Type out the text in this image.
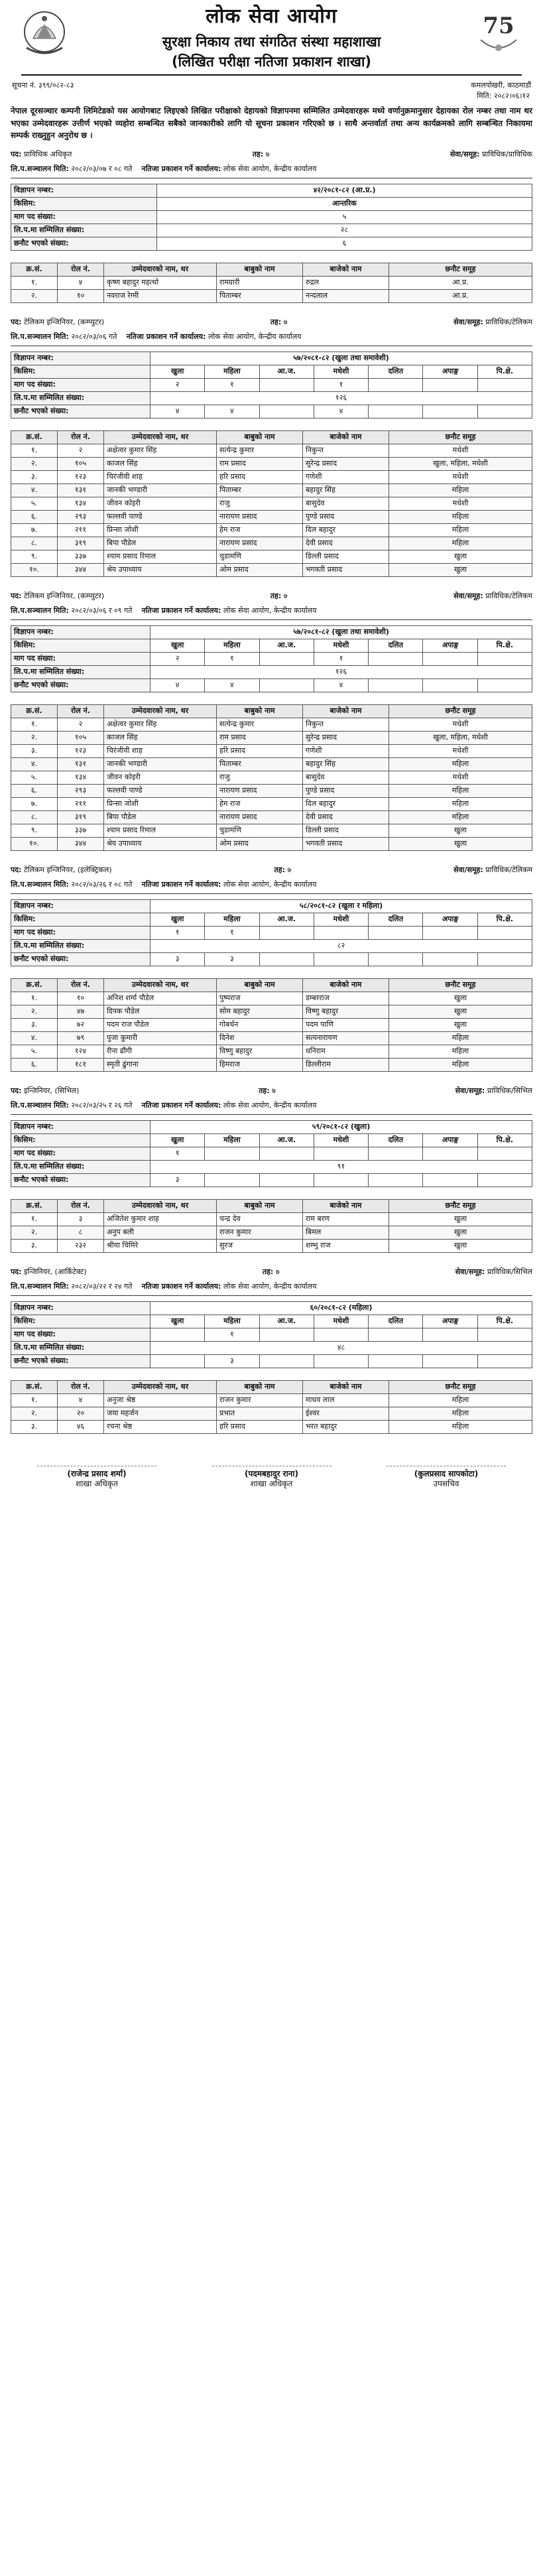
लोक सेवा आयोग
सुरक्षा निकाय तथा संगठित संस्था महाशाखा
(लिखित परीक्षा नतिजा प्रकाशन शाखा)
75
सूचना नं. ३९९/०८२-८३	कमलपोखरी, काठमाडौं
मिति: २०८२।०६।१२

नेपाल दूरसञ्चार कम्पनी लिमिटेडको यस आयोगबाट लिइएको लिखित परीक्षाको देहायको विज्ञापनमा सम्मिलित उम्मेदवारहरू मध्ये वर्णानुक्रमानुसार देहायका रोल नम्बर तथा नाम थर भएका उम्मेदवारहरू उत्तीर्ण भएको व्यहोरा सम्बन्धित सबैको जानकारीको लागि यो सूचना प्रकाशन गरिएको छ । साथै अन्तर्वार्ता तथा अन्य कार्यक्रमको लागि सम्बन्धित निकायमा सम्पर्क राख्नुहुन अनुरोध छ ।

पद: प्राविधिक अधिकृत	तह: ७	सेवा/समूह: प्राविधिक/प्राविधिक
लि.प.सञ्चालन मिति: २०८२/०३/०७ र ०८ गते नतिजा प्रकाशन गर्ने कार्यालय: लोक सेवा आयोग, केन्द्रीय कार्यालय
विज्ञापन नम्बर:	४२/२०८१-८२ (आ.प्र.)
किसिम:	आन्तरिक
माग पद संख्या:	५
लि.प.मा सम्मिलित संख्या:	२८
छनौट भएको संख्या:	६
क्र.सं.	रोल नं.	उम्मेदवारको नाम, थर	बाबुको नाम	बाजेको नाम	छनौट समूह
१.	४	कृष्ण बहादुर महत्थो	रामग्रारी	रुद्रल	आ.प्र.
२.	१०	नवराज रेग्मी	पिताम्बर	नन्दलाल	आ.प्र.
पद: टेलिकम इन्जिनियर, (कम्प्युटर)	तह: ७	सेवा/समूह: प्राविधिक/टेलिकम
लि.प.सञ्चालन मिति: २०८२/०३/०६ गते नतिजा प्रकाशन गर्ने कार्यालय: लोक सेवा आयोग, केन्द्रीय कार्यालय
विज्ञापन नम्बर:	५७/२०८१-८२ (खुला तथा समावेशी)						
किसिम:	खुला	महिला	आ.ज.	मधेशी	दलित	अपाङ्ग	पि.क्षे.
माग पद संख्या:	२	१		१			
लि.प.मा सम्मिलित संख्या:	१२६						
छनौट भएको संख्या:	४	४		४			
क्र.सं.	रोल नं.	उम्मेदवारको नाम, थर	बाबुको नाम	बाजेको नाम	छनौट समूह
१.	२	अक्षेत्वर कुमार सिंह	सत्येन्द्र कुमार	निकुन्त	मधेशी
२.	१०५	काजल सिंह	राम प्रसाद	सुरेन्द्र प्रसाद	खुला, महिला, मधेशी
३.	१२३	चिरंजीवी शाह	हरि प्रसाद	गणेशी	मधेशी
४.	१३१	जानकी भण्डारी	पिताम्बर	बहादुर सिंह	महिला
५.	१३४	जीवन कोइरी	राजु	बासुदेव	मधेशी
६.	२९३	फल्लवी पाण्डे	नारायण प्रसाद	पुण्डे प्रसाद	महिला
७.	२११	प्रिन्सा जोशी	हेम राज	दिल बहादुर	महिला
८.	३१९	बिपा पौडेल	नारायण प्रसाद	देवी प्रसाद	महिला
९.	३३७	श्याम प्रसाद रिमाल	चुडामणि	डिल्ली प्रसाद	खुला
१०.	३४४	श्रेय उपाध्याय	ओम प्रसाद	भगवती प्रसाद	खुला
पद: टेलिकम इन्जिनियर, (कम्प्युटर)	तह: ७	सेवा/समूह: प्राविधिक/टेलिकम
लि.प.सञ्चालन मिति: २०८२/०३/०६ र ०९ गते नतिजा प्रकाशन गर्ने कार्यालय: लोक सेवा आयोग, केन्द्रीय कार्यालय
विज्ञापन नम्बर:	५७/२०८१-८२ (खुला तथा समावेशी)						
किसिम:	खुला	महिला	आ.ज.	मधेशी	दलित	अपाङ्ग	पि.क्षे.
माग पद संख्या:	२	१		१			
लि.प.मा सम्मिलित संख्या:	१२६						
छनौट भएको संख्या:	४	४		४			
क्र.सं.	रोल नं.	उम्मेदवारको नाम, थर	बाबुको नाम	बाजेको नाम	छनौट समूह
१.	२	अक्षेत्वर कुमार सिंह	सत्येन्द्र कुमार	निकुन्त	मधेशी
२.	१०५	काजल सिंह	राम प्रसाद	सुरेन्द्र प्रसाद	खुला, महिला, मधेशी
३.	१२३	चिरंजीवी शाह	हरि प्रसाद	गणेशी	मधेशी
४.	१३१	जानकी भण्डारी	पिताम्बर	बहादुर सिंह	महिला
५.	१३४	जीवन कोइरी	राजु	बासुदेव	मधेशी
६.	२९३	फल्लवी पाण्डे	नारायण प्रसाद	पुण्डे प्रसाद	महिला
७.	२११	प्रिन्सा जोशी	हेम राज	दिल बहादुर	महिला
८.	३१९	बिपा पौडेल	नारायण प्रसाद	देवी प्रसाद	महिला
९.	३३७	श्याम प्रसाद रिमाल	चुडामणि	डिल्ली प्रसाद	खुला
१०.	३४४	श्रेय उपाध्याय	ओम प्रसाद	भगवती प्रसाद	खुला
पद: टेलिकम इन्जिनियर, (इलेक्ट्रिकल)	तह: ७	सेवा/समूह: प्राविधिक/टेलिकम
लि.प.सञ्चालन मिति: २०८२/०३/२६ र ०८ गते नतिजा प्रकाशन गर्ने कार्यालय: लोक सेवा आयोग, केन्द्रीय कार्यालय
विज्ञापन नम्बर:	५८/२०८१-८२ (खुला र महिला)						
किसिम:	खुला	महिला	आ.ज.	मधेशी	दलित	अपाङ्ग	पि.क्षे.
माग पद संख्या:	१	१					
लि.प.मा सम्मिलित संख्या:	८२						
छनौट भएको संख्या:	३	३					
क्र.सं.	रोल नं.	उम्मेदवारको नाम, थर	बाबुको नाम	बाजेको नाम	छनौट समूह
१.	१०	अनिश शर्मा पौडेल	पुष्पराज	डम्बरराज	खुला
२.	४७	दिपक पौडेल	सोम बहादुर	विष्णु बहादुर	खुला
३.	७२	पदम राज पौडेल	गोबर्धन	पदम पाणि	खुला
४.	७९	पुजा कुमारी	दिनेश	सत्यनारायण	महिला
५.	१२४	रीना ढौंगी	विष्णु बहादुर	धनिराम	महिला
६.	१८१	स्मृती ढुंगाना	हिमराज	डिल्लीराम	महिला
पद: इन्जिनियर, (सिभिल)	तह: ७	सेवा/समूह: प्राविधिक/सिभिल
लि.प.सञ्चालन मिति: २०८२/०३/२५ र २६ गते नतिजा प्रकाशन गर्ने कार्यालय: लोक सेवा आयोग, केन्द्रीय कार्यालय
विज्ञापन नम्बर:	५९/२०८१-८२ (खुला)						
किसिम:	खुला	महिला	आ.ज.	मधेशी	दलित	अपाङ्ग	पि.क्षे.
माग पद संख्या:	१						
लि.प.मा सम्मिलित संख्या:	९१						
छनौट भएको संख्या:	३						
क्र.सं.	रोल नं.	उम्मेदवारको नाम, थर	बाबुको नाम	बाजेको नाम	छनौट समूह
१.	३	अजितेश कुमार शाह	चन्द्र देव	राम बरण	खुला
२.	८	अनुप बली	राजन कुमार	बिमल	खुला
३.	२३२	श्रीया चिमिरे	सुरज	शम्भु राज	खुला
पद: इन्जिनियर, (आर्किटेक्ट)	तह: ७	सेवा/समूह: प्राविधिक/सिभिल
लि.प.सञ्चालन मिति: २०८२/०३/२२ र २४ गते नतिजा प्रकाशन गर्ने कार्यालय: लोक सेवा आयोग, केन्द्रीय कार्यालय
विज्ञापन नम्बर:	६०/२०८१-८२ (महिला)						
किसिम:	खुला	महिला	आ.ज.	मधेशी	दलित	अपाङ्ग	पि.क्षे.
माग पद संख्या:		१					
लि.प.मा सम्मिलित संख्या:	४८						
छनौट भएको संख्या:		३					
क्र.सं.	रोल नं.	उम्मेदवारको नाम, थर	बाबुको नाम	बाजेको नाम	छनौट समूह
१.	४	अनुजा श्रेष्ठ	राजन कुमार	माधव लाल	महिला
२.	२०	जया महर्जन	प्रभात	ईश्वर	महिला
३.	४६	रचना श्रेष्ठ	हरि प्रसाद	भरत बहादुर	महिला
(राजेन्द्र प्रसाद शर्मा)
शाखा अधिकृत
(पदमबहादुर राना)
शाखा अधिकृत
(कुलप्रसाद सापकोटा)
उपसचिव
